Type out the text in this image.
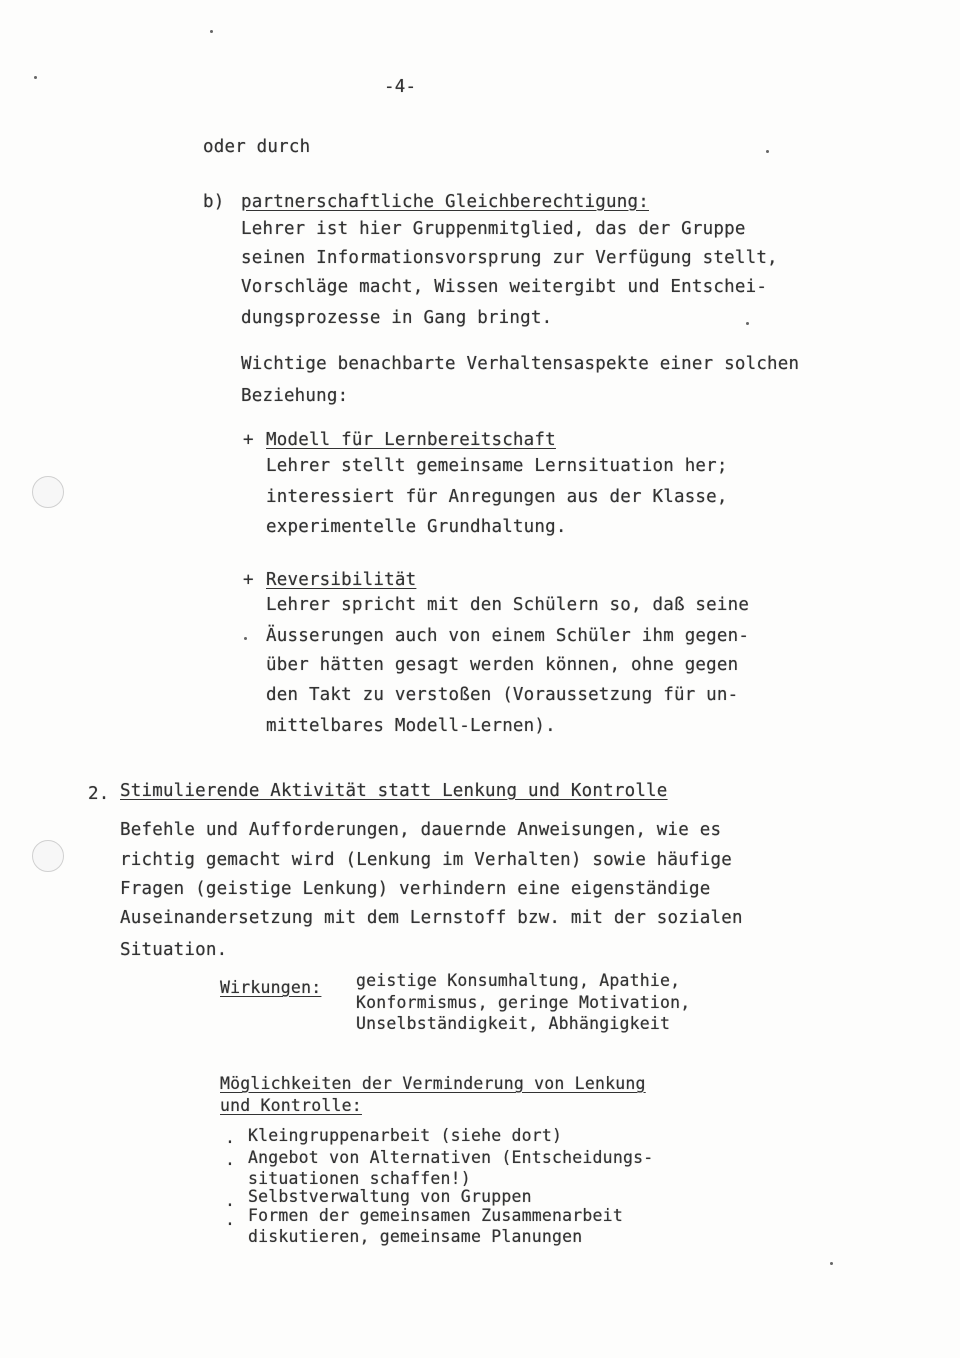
-4-

oder durch

b) partnerschaftliche Gleichberechtigung:

Lehrer ist hier Gruppenmitglied, das der Gruppe

seinen Informationsvorsprung zur Verfügung stellt,

Vorschläge macht, Wissen weitergibt und Entschei-

dungsprozesse in Gang bringt.

Wichtige benachbarte Verhaltensaspekte einer solchen

Beziehung:

+ Modell für Lernbereitschaft

Lehrer stellt gemeinsame Lernsituation her;

interessiert für Anregungen aus der Klasse,

experimentelle Grundhaltung.

+ Reversibilität

Lehrer spricht mit den Schülern so, daß seine

Äusserungen auch von einem Schüler ihm gegen-

über hätten gesagt werden können, ohne gegen

den Takt zu verstoßen (Voraussetzung für un-

mittelbares Modell-Lernen).

2. Stimulierende Aktivität statt Lenkung und Kontrolle

Befehle und Aufforderungen, dauernde Anweisungen, wie es

richtig gemacht wird (Lenkung im Verhalten) sowie häufige

Fragen (geistige Lenkung) verhindern eine eigenständige

Auseinandersetzung mit dem Lernstoff bzw. mit der sozialen

Situation.

Wirkungen: geistige Konsumhaltung, Apathie,

Konformismus, geringe Motivation,

Unselbständigkeit, Abhängigkeit

Möglichkeiten der Verminderung von Lenkung

und Kontrolle:

. Kleingruppenarbeit (siehe dort)

. Angebot von Alternativen (Entscheidungs-

situationen schaffen!)

. Selbstverwaltung von Gruppen

. Formen der gemeinsamen Zusammenarbeit

diskutieren, gemeinsame Planungen
